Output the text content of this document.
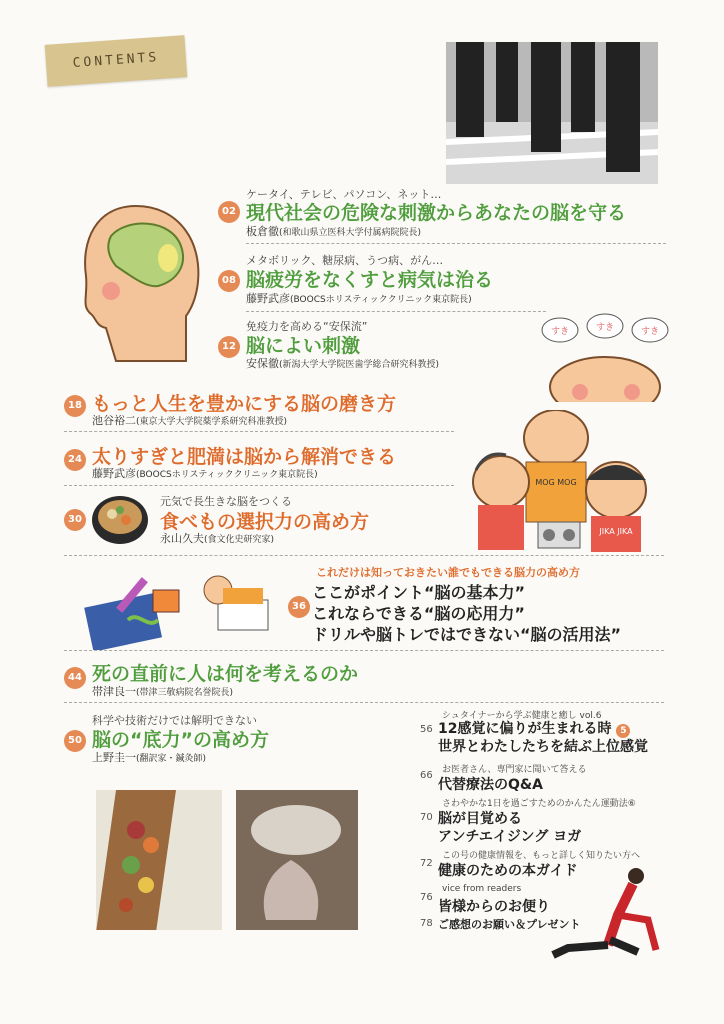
CONTENTS
02
ケータイ、テレビ、パソコン、ネット…
現代社会の危険な刺激からあなたの脳を守る
板倉徹(和歌山県立医科大学付属病院院長)
08
メタボリック、糖尿病、うつ病、がん…
脳疲労をなくすと病気は治る
藤野武彦(BOOCSホリスティッククリニック東京院長)
12
免疫力を高める“安保流”
脳によい刺激
安保徹(新潟大学大学院医歯学総合研究科教授)
すき	すき	すき
18 もっと人生を豊かにする脳の磨き方
池谷裕二(東京大学大学院薬学系研究科准教授)
24 太りすぎと肥満は脳から解消できる
藤野武彦(BOOCSホリスティッククリニック東京院長)
MOG MOG
JIKA JIKA
30
元気で長生きな脳をつくる
食べもの選択力の高め方
永山久夫(食文化史研究家)
36
これだけは知っておきたい誰でもできる脳力の高め方
ここがポイント“脳の基本力”
これならできる“脳の応用力”
ドリルや脳トレではできない“脳の活用法”
44 死の直前に人は何を考えるのか
帯津良一(帯津三敬病院名誉院長)
50
科学や技術だけでは解明できない
脳の“底力”の高め方
上野圭一(翻訳家・鍼灸師)
シュタイナーから学ぶ健康と癒し vol.6
56 12感覚に偏りが生まれる時 5
世界とわたしたちを結ぶ上位感覚
お医者さん、専門家に聞いて答える
66
代替療法のQ&A
さわやかな1日を過ごすためのかんたん運動法⑥
70 脳が目覚める
アンチエイジング ヨガ
この号の健康情報を、もっと詳しく知りたい方へ
72 健康のための本ガイド
vice from readers
76
皆様からのお便り
78 ご感想のお願い＆プレゼント
